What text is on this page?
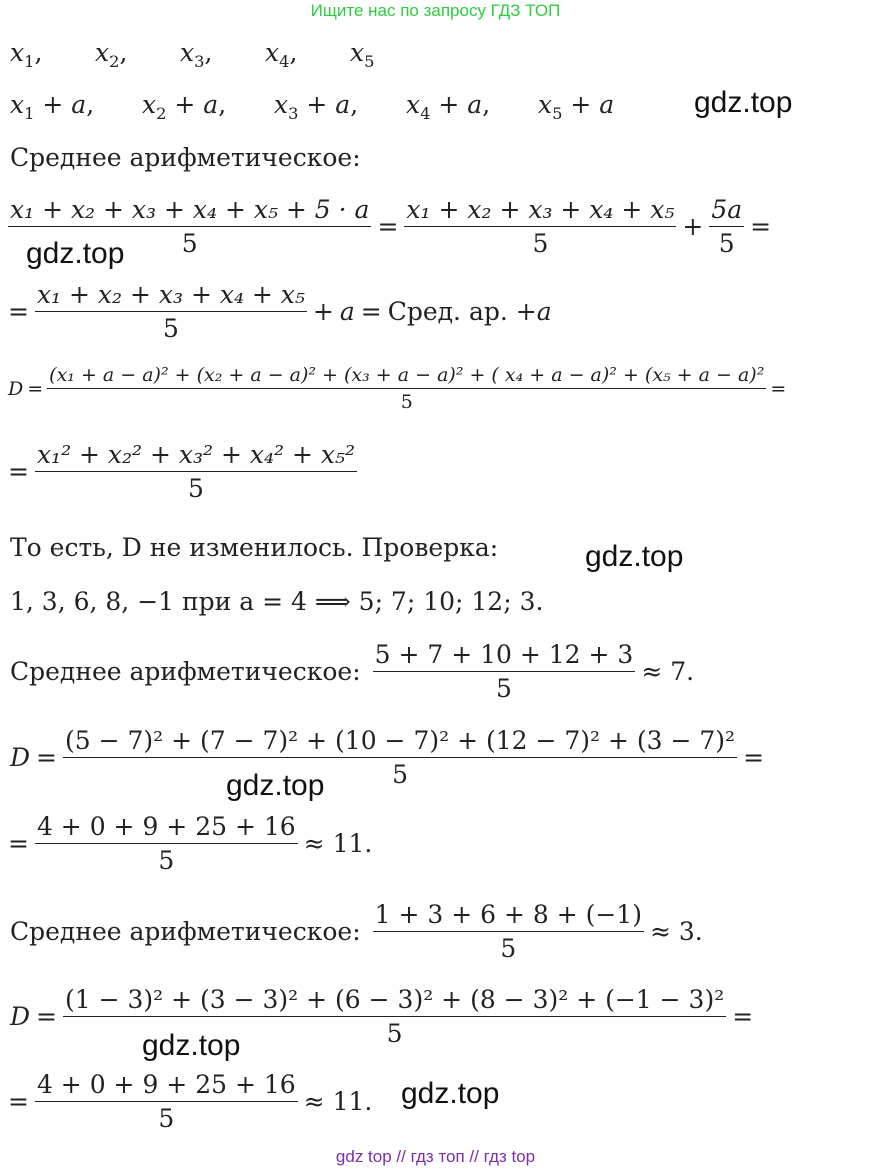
Ищите нас по запросу ГДЗ ТОП
$x_1$, $x_2$, $x_3$, $x_4$, $x_5$
$x_1 + a$, $x_2 + a$, $x_3 + a$, $x_4 + a$, $x_5 + a$	gdz.top
Среднее арифметическое:
$\frac{\text{x₁ + x₂ + x₃ + x₄ + x₅ + 5 · a}}{5} = \frac{\text{x₁ + x₂ + x₃ + x₄ + x₅}}{5} + \frac{5a}{5}$ =
gdz.top
= $\frac{\text{x₁ + x₂ + x₃ + x₄ + x₅}}{5} + a$ = Сред. ар. + a
D =
(x₁ + a − a)² + (x₂ + a − a)² + (x₃ + a − a)² + ( x₄ + a − a)² + (x₅ + a − a)²
5
=
= $\frac{\text{x₁² + x₂² + x₃² + x₄² + x₅²}}{5}$
То есть, D не изменилось. Проверка:	gdz.top
1, 3, 6, 8, −1 при a = 4 ⟹ 5; 7; 10; 12; 3.
Среднее арифметическое: $\frac{5 + 7 + 10 + 12 + 3}{5} \approx 7$.
$D = \frac{\text{(5 − 7)² + (7 − 7)² + (10 − 7)² + (12 − 7)² + (3 − 7)²}}{5}$ =
gdz.top
= $\frac{4 + 0 + 9 + 25 + 16}{5} \approx 11$.
Среднее арифметическое: $\frac{1 + 3 + 6 + 8 + (-1)}{5} \approx 3$.
$D = \frac{\text{(1 − 3)² + (3 − 3)² + (6 − 3)² + (8 − 3)² + (−1 − 3)²}}{5}$ =
gdz.top
= $\frac{4 + 0 + 9 + 25 + 16}{5} \approx 11$. gdz.top
gdz top // гдз топ // гдз top
